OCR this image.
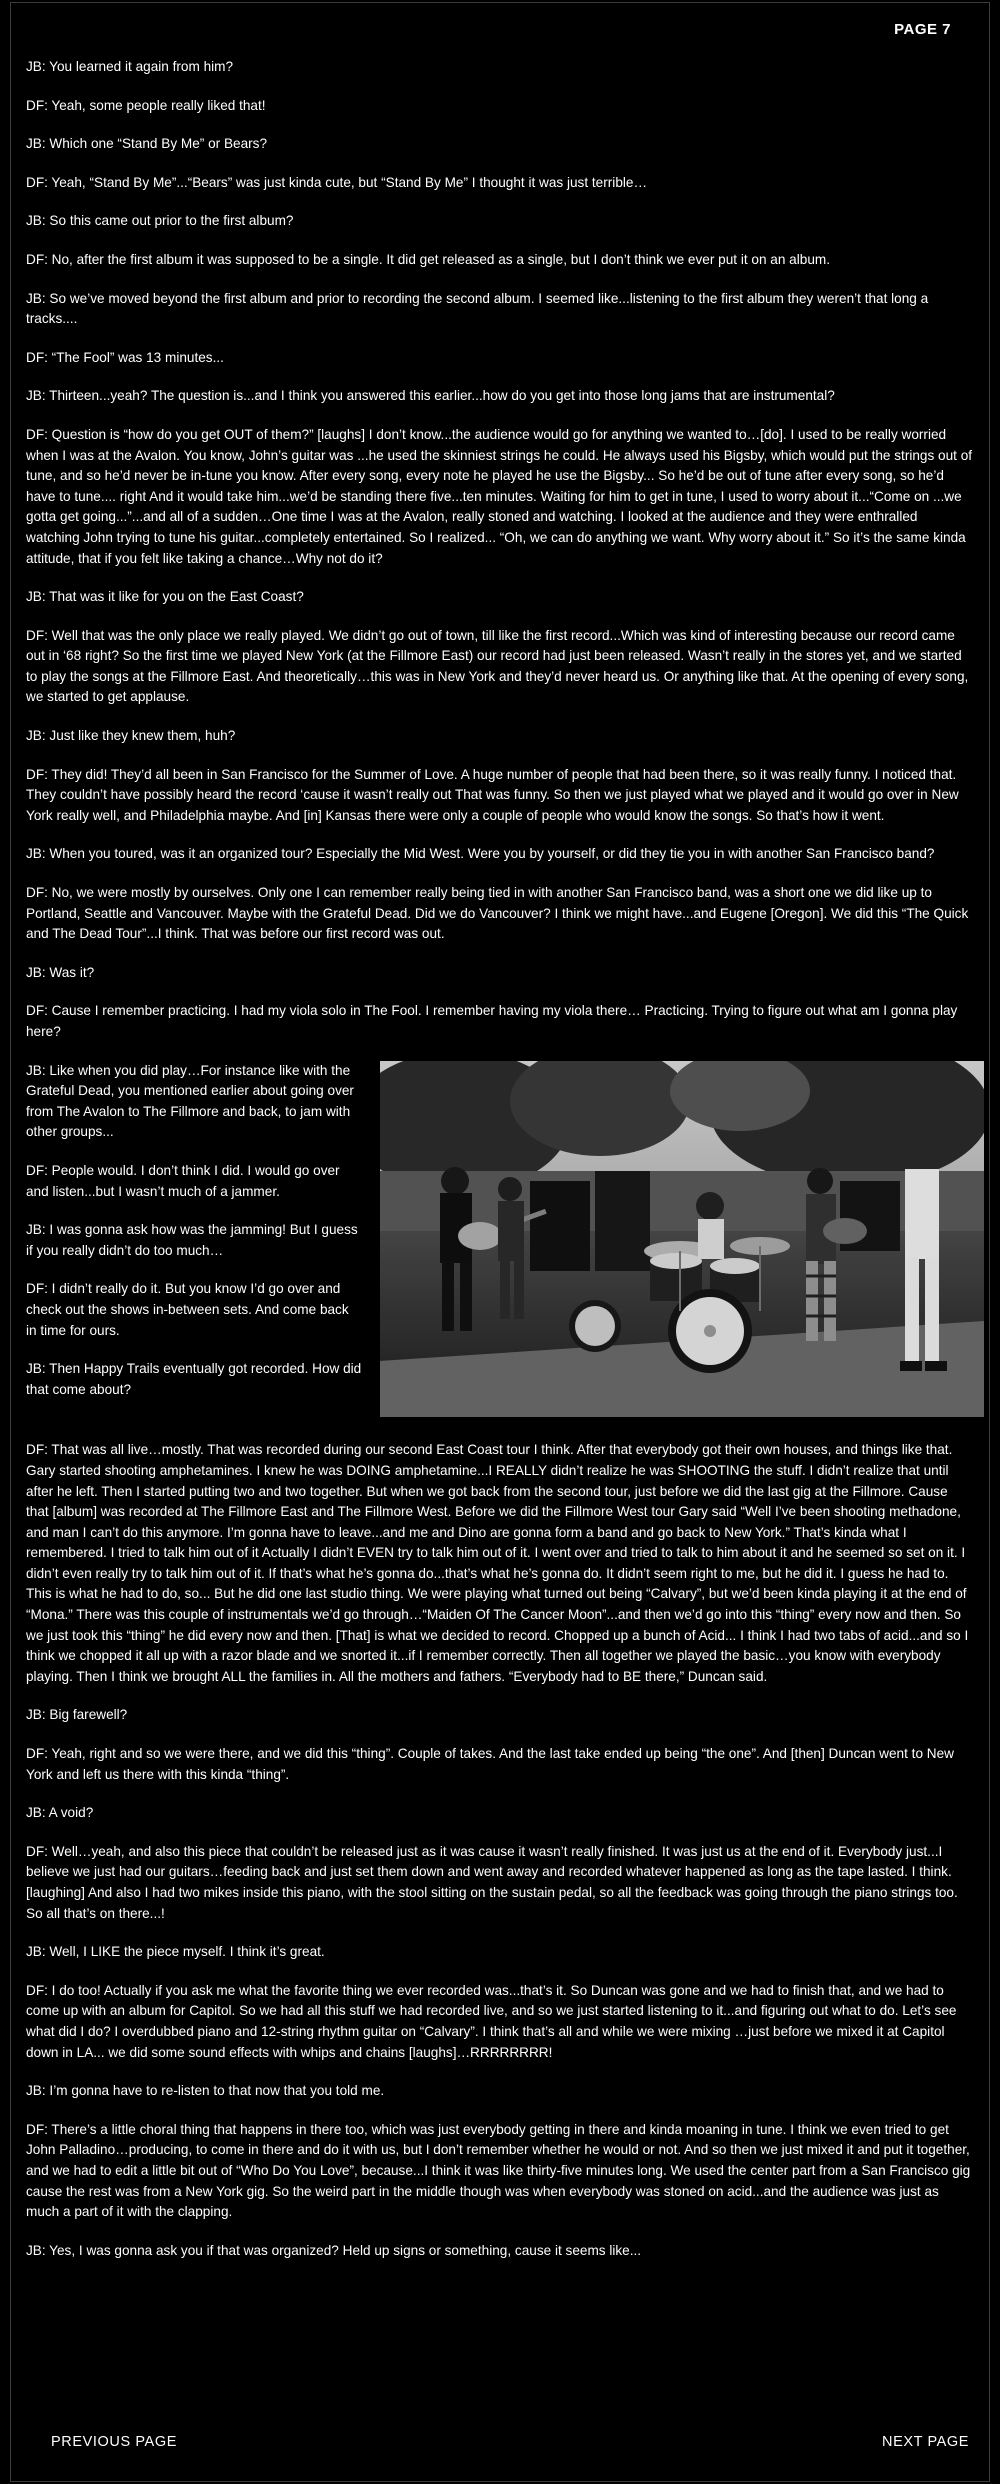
PAGE 7

JB: You learned it again from him?

DF: Yeah, some people really liked that!

JB: Which one “Stand By Me” or Bears?

DF: Yeah, “Stand By Me”...“Bears” was just kinda cute, but “Stand By Me” I thought it was just terrible…

JB: So this came out prior to the first album?

DF: No, after the first album it was supposed to be a single. It did get released as a single, but I don’t think we ever put it on an album.

JB: So we’ve moved beyond the first album and prior to recording the second album. I seemed like...listening to the first album they weren’t that long a tracks....

DF: “The Fool” was 13 minutes...

JB: Thirteen...yeah? The question is...and I think you answered this earlier...how do you get into those long jams that are instrumental?

DF: Question is “how do you get OUT of them?” [laughs] I don’t know...the audience would go for anything we wanted to…[do]. I used to be really worried when I was at the Avalon. You know, John’s guitar was ...he used the skinniest strings he could. He always used his Bigsby, which would put the strings out of tune, and so he’d never be in-tune you know. After every song, every note he played he use the Bigsby... So he’d be out of tune after every song, so he’d have to tune.... right And it would take him...we’d be standing there five...ten minutes. Waiting for him to get in tune, I used to worry about it...“Come on ...we gotta get going...”...and all of a sudden…One time I was at the Avalon, really stoned and watching. I looked at the audience and they were enthralled watching John trying to tune his guitar...completely entertained. So I realized... “Oh, we can do anything we want. Why worry about it.” So it’s the same kinda attitude, that if you felt like taking a chance…Why not do it?

JB: That was it like for you on the East Coast?

DF: Well that was the only place we really played. We didn’t go out of town, till like the first record...Which was kind of interesting because our record came out in ‘68 right? So the first time we played New York (at the Fillmore East) our record had just been released. Wasn’t really in the stores yet, and we started to play the songs at the Fillmore East. And theoretically…this was in New York and they’d never heard us. Or anything like that. At the opening of every song, we started to get applause.

JB: Just like they knew them, huh?

DF: They did! They’d all been in San Francisco for the Summer of Love. A huge number of people that had been there, so it was really funny. I noticed that. They couldn’t have possibly heard the record ‘cause it wasn’t really out That was funny. So then we just played what we played and it would go over in New York really well, and Philadelphia maybe. And [in] Kansas there were only a couple of people who would know the songs. So that’s how it went.

JB: When you toured, was it an organized tour? Especially the Mid West. Were you by yourself, or did they tie you in with another San Francisco band?

DF: No, we were mostly by ourselves. Only one I can remember really being tied in with another San Francisco band, was a short one we did like up to Portland, Seattle and Vancouver. Maybe with the Grateful Dead. Did we do Vancouver? I think we might have...and Eugene [Oregon]. We did this “The Quick and The Dead Tour”...I think. That was before our first record was out.

JB: Was it?

DF: Cause I remember practicing. I had my viola solo in The Fool. I remember having my viola there… Practicing. Trying to figure out what am I gonna play here?

JB: Like when you did play…For instance like with the Grateful Dead, you mentioned earlier about going over from The Avalon to The Fillmore and back, to jam with other groups...

DF: People would. I don’t think I did. I would go over and listen...but I wasn’t much of a jammer.

JB: I was gonna ask how was the jamming! But I guess if you really didn’t do too much…

DF: I didn’t really do it. But you know I’d go over and check out the shows in-between sets. And come back in time for ours.

JB: Then Happy Trails eventually got recorded. How did that come about?

DF: That was all live…mostly. That was recorded during our second East Coast tour I think. After that everybody got their own houses, and things like that. Gary started shooting amphetamines. I knew he was DOING amphetamine...I REALLY didn’t realize he was SHOOTING the stuff. I didn’t realize that until after he left. Then I started putting two and two together. But when we got back from the second tour, just before we did the last gig at the Fillmore. Cause that [album] was recorded at The Fillmore East and The Fillmore West. Before we did the Fillmore West tour Gary said “Well I’ve been shooting methadone, and man I can’t do this anymore. I’m gonna have to leave...and me and Dino are gonna form a band and go back to New York.” That’s kinda what I remembered. I tried to talk him out of it Actually I didn’t EVEN try to talk him out of it. I went over and tried to talk to him about it and he seemed so set on it. I didn’t even really try to talk him out of it. If that’s what he’s gonna do...that’s what he’s gonna do. It didn’t seem right to me, but he did it. I guess he had to. This is what he had to do, so... But he did one last studio thing. We were playing what turned out being “Calvary”, but we’d been kinda playing it at the end of “Mona.” There was this couple of instrumentals we’d go through…“Maiden Of The Cancer Moon”...and then we’d go into this “thing” every now and then. So we just took this “thing” he did every now and then. [That] is what we decided to record. Chopped up a bunch of Acid... I think I had two tabs of acid...and so I think we chopped it all up with a razor blade and we snorted it...if I remember correctly. Then all together we played the basic…you know with everybody playing. Then I think we brought ALL the families in. All the mothers and fathers. “Everybody had to BE there,” Duncan said.

JB: Big farewell?

DF: Yeah, right and so we were there, and we did this “thing”. Couple of takes. And the last take ended up being “the one”. And [then] Duncan went to New York and left us there with this kinda “thing”.

JB: A void?

DF: Well…yeah, and also this piece that couldn’t be released just as it was cause it wasn’t really finished. It was just us at the end of it. Everybody just...I believe we just had our guitars…feeding back and just set them down and went away and recorded whatever happened as long as the tape lasted. I think. [laughing] And also I had two mikes inside this piano, with the stool sitting on the sustain pedal, so all the feedback was going through the piano strings too. So all that’s on there...!

JB: Well, I LIKE the piece myself. I think it’s great.

DF: I do too! Actually if you ask me what the favorite thing we ever recorded was...that’s it. So Duncan was gone and we had to finish that, and we had to come up with an album for Capitol. So we had all this stuff we had recorded live, and so we just started listening to it...and figuring out what to do. Let’s see what did I do? I overdubbed piano and 12-string rhythm guitar on “Calvary”. I think that’s all and while we were mixing …just before we mixed it at Capitol down in LA... we did some sound effects with whips and chains [laughs]…RRRRRRRR!

JB: I’m gonna have to re-listen to that now that you told me.

DF: There’s a little choral thing that happens in there too, which was just everybody getting in there and kinda moaning in tune. I think we even tried to get John Palladino…producing, to come in there and do it with us, but I don’t remember whether he would or not. And so then we just mixed it and put it together, and we had to edit a little bit out of “Who Do You Love”, because...I think it was like thirty-five minutes long. We used the center part from a San Francisco gig cause the rest was from a New York gig. So the weird part in the middle though was when everybody was stoned on acid...and the audience was just as much a part of it with the clapping.

JB: Yes, I was gonna ask you if that was organized? Held up signs or something, cause it seems like...

PREVIOUS PAGE	NEXT PAGE
